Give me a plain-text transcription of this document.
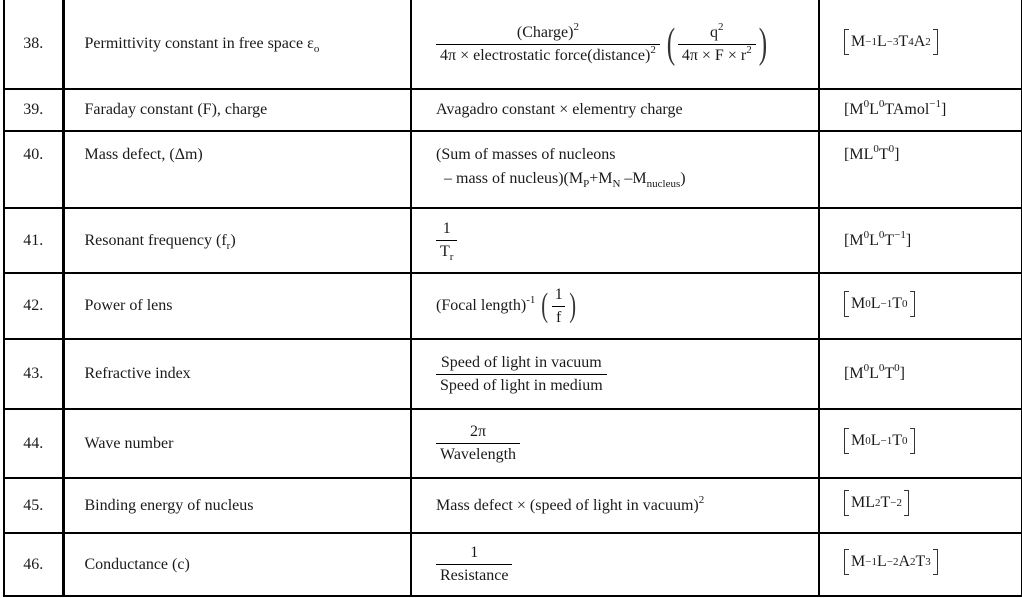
38.	Permittivity constant in free space $\varepsilon_o$	$\frac{(Charge)^2}{4\pi \times electrostatic force(distance)^2}$
( $\frac{q^2}{4\pi \times F \times r^2}$ )	M −1 L −3 T 4 A 2

39.	Faraday constant (F), charge	Avagadro constant × elementry charge	$[M^0L^0TAmol^{-1}]$
40.	Mass defect, (Δm)	(Sum of masses of nucleons
– mass of $nucleus)(M_P+M_N$ $-M_{nucleus}$)	$[ML^0T^0]$
41.	Resonant frequency $(f_r)$	$\frac{1}{T_r}$	$[M^0L^0T^{-1}]$
42.	Power of lens	(Focal length)$^{-1}$ ( $\frac{1}{f}$ )	M 0 L −1 T 0

43.	Refractive index	$\frac{\text{Speed of light in vacuum}}{\text{Speed of light in medium}}$	$[M^0L^0T^0]$
44.	Wave number	$\frac{2\pi}{\text{Wavelength}}$	M 0 L −1 T 0

45.	Binding energy of nucleus	Mass defect × (speed of light in vacuum)$^2$	M L 2 T −2

46.	Conductance (c)	$\frac{1}{\text{Resistance}}$	M −1 L −2 A 2 T 3
